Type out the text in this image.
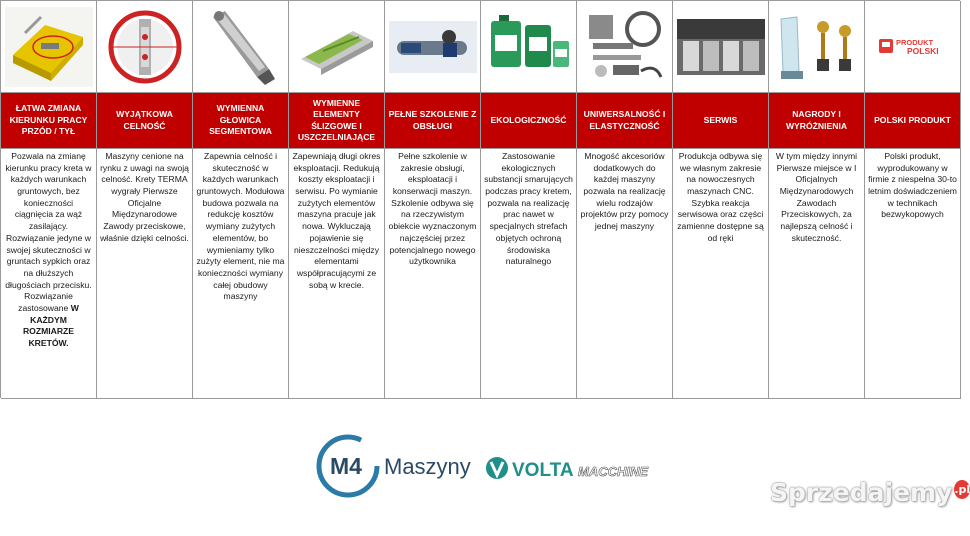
PRODUKT
POLSKI
ŁATWA ZMIANA KIERUNKU PRACY PRZÓD / TYŁ
WYJĄTKOWA CELNOŚĆ
WYMIENNA GŁOWICA SEGMENTOWA
WYMIENNE ELEMENTY ŚLIZGOWE I USZCZELNIAJĄCE
PEŁNE SZKOLENIE Z OBSŁUGI
EKOLOGICZNOŚĆ
UNIWERSALNOŚĆ I ELASTYCZNOŚĆ
SERWIS
NAGRODY I WYRÓŻNIENIA
POLSKI PRODUKT
Pozwala na zmianę kierunku pracy kreta w każdych warunkach gruntowych, bez konieczności ciągnięcia za wąż zasilający. Rozwiązanie jedyne w swojej skuteczności w gruntach sypkich oraz na dłuższych długościach przecisku. Rozwiązanie zastosowane W KAŻDYM ROZMIARZE KRETÓW.
Maszyny cenione na rynku z uwagi na swoją celność. Krety TERMA wygrały Pierwsze Oficjalne Międzynarodowe Zawody przeciskowe, właśnie dzięki celności.
Zapewnia celność i skuteczność w każdych warunkach gruntowych. Modułowa budowa pozwala na redukcję kosztów wymiany zużytych elementów, bo wymieniamy tylko zużyty element, nie ma konieczności wymiany całej obudowy maszyny
Zapewniają długi okres eksploatacji. Redukują koszty eksploatacji i serwisu. Po wymianie zużytych elementów maszyna pracuje jak nowa. Wykluczają pojawienie się nieszczelności między elementami współpracującymi ze sobą w krecie.
Pełne szkolenie w zakresie obsługi, eksploatacji i konserwacji maszyn. Szkolenie odbywa się na rzeczywistym obiekcie wyznaczonym najczęściej przez potencjalnego nowego użytkownika
Zastosowanie ekologicznych substancji smarujących podczas pracy kretem, pozwala na realizację prac nawet w specjalnych strefach objętych ochroną środowiska naturalnego
Mnogość akcesoriów dodatkowych do każdej maszyny pozwala na realizację wielu rodzajów projektów przy pomocy jednej maszyny
Produkcja odbywa się we własnym zakresie na nowoczesnych maszynach CNC. Szybka reakcja serwisowa oraz części zamienne dostępne są od ręki
W tym między innymi Pierwsze miejsce w I Oficjalnych Międzynarodowych Zawodach Przeciskowych, za najlepszą celność i skuteczność.
Polski produkt, wyprodukowany w firmie z niespełna 30-to letnim doświadczeniem w technikach bezwykopowych
M4 Maszyny VOLTA MACCHINE
Sprzedajemy .pl
